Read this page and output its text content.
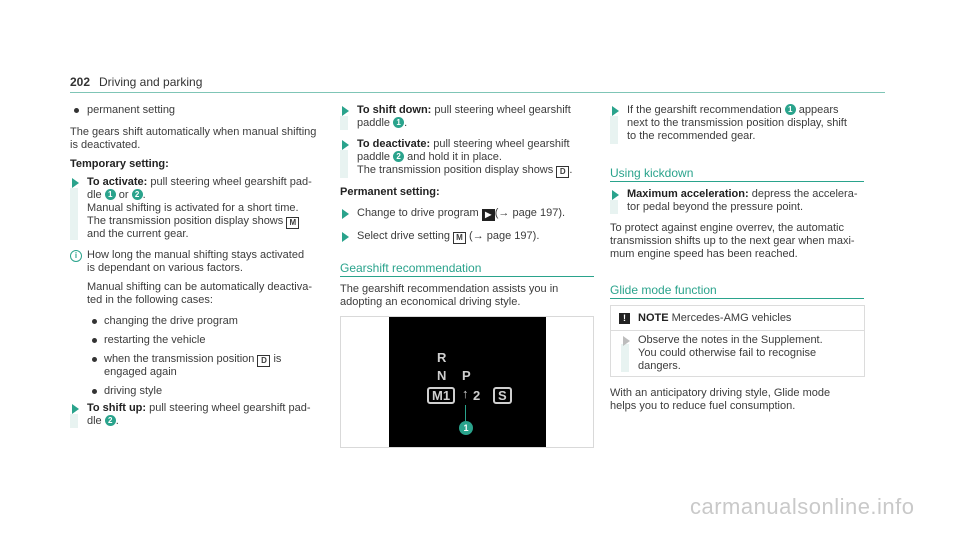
202 Driving and parking
permanent setting
The gears shift automatically when manual shifting
is deactivated.
Temporary setting:
To activate: pull steering wheel gearshift pad-
dle 1 or 2 .
Manual shifting is activated for a short time.
The transmission position display shows M
and the current gear.
i How long the manual shifting stays activated
is dependant on various factors.
Manual shifting can be automatically deactiva-
ted in the following cases:
changing the drive program
restarting the vehicle
when the transmission position D is
engaged again
driving style
To shift up: pull steering wheel gearshift pad-
dle 2 .
To shift down: pull steering wheel gearshift
paddle 1 .
To deactivate: pull steering wheel gearshift
paddle 2 and hold it in place.
The transmission position display shows D .
Permanent setting:
Change to drive program ▶ (→ page 197).
Select drive setting M (→ page 197).
Gearshift recommendation
The gearshift recommendation assists you in
adopting an economical driving style.
R
N P
M1 ↑ 2	S
1
If the gearshift recommendation 1 appears
next to the transmission position display, shift
to the recommended gear.
Using kickdown
Maximum acceleration: depress the accelera-
tor pedal beyond the pressure point.
To protect against engine overrev, the automatic
transmission shifts up to the next gear when maxi-
mum engine speed has been reached.
Glide mode function
!	NOTE Mercedes-AMG vehicles
Observe the notes in the Supplement.
You could otherwise fail to recognise
dangers.
With an anticipatory driving style, Glide mode
helps you to reduce fuel consumption.
carmanualsonline.info
